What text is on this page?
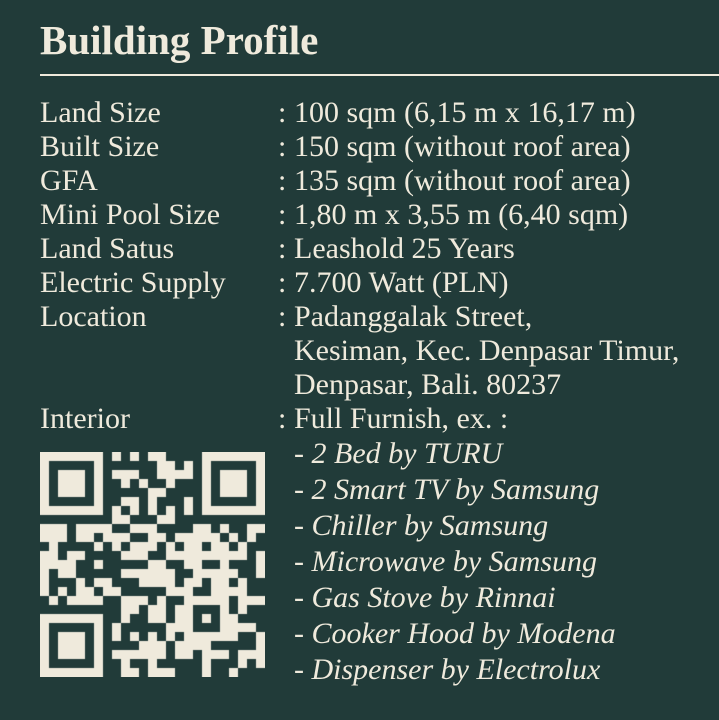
Building Profile
Land Size	: 100 sqm (6,15 m x 16,17 m)
Built Size	: 150 sqm (without roof area)
GFA	: 135 sqm (without roof area)
Mini Pool Size	: 1,80 m x 3,55 m (6,40 sqm)
Land Satus	: Leashold 25 Years
Electric Supply	: 7.700 Watt (PLN)
Location	: Padanggalak Street,
Kesiman, Kec. Denpasar Timur,
Denpasar, Bali. 80237
Interior	: Full Furnish, ex. :
- 2 Bed by TURU
- 2 Smart TV by Samsung
- Chiller by Samsung
- Microwave by Samsung
- Gas Stove by Rinnai
- Cooker Hood by Modena
- Dispenser by Electrolux
